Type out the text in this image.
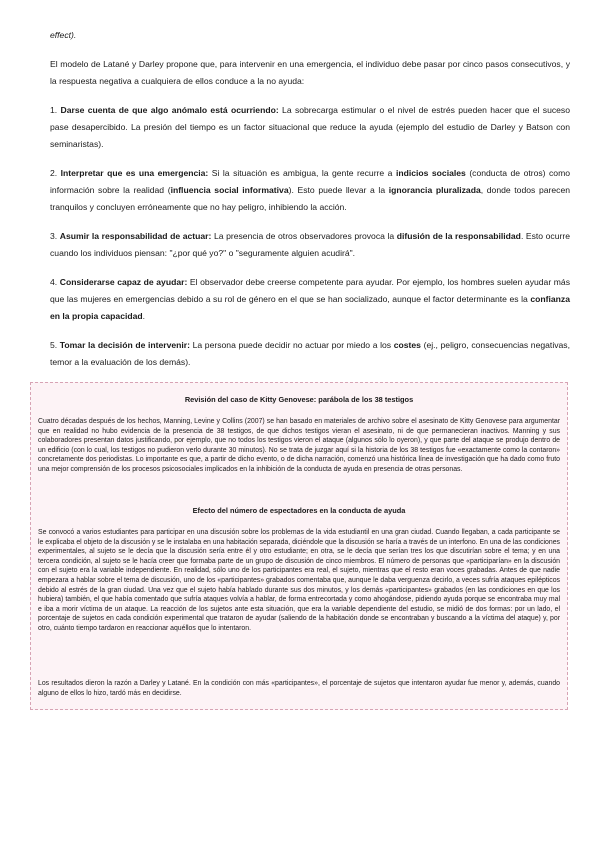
effect).

El modelo de Latané y Darley propone que, para intervenir en una emergencia, el individuo debe pasar por cinco pasos consecutivos, y la respuesta negativa a cualquiera de ellos conduce a la no ayuda:

1. Darse cuenta de que algo anómalo está ocurriendo: La sobrecarga estimular o el nivel de estrés pueden hacer que el suceso pase desapercibido. La presión del tiempo es un factor situacional que reduce la ayuda (ejemplo del estudio de Darley y Batson con seminaristas).

2. Interpretar que es una emergencia: Si la situación es ambigua, la gente recurre a indicios sociales (conducta de otros) como información sobre la realidad (influencia social informativa). Esto puede llevar a la ignorancia pluralizada, donde todos parecen tranquilos y concluyen erróneamente que no hay peligro, inhibiendo la acción.

3. Asumir la responsabilidad de actuar: La presencia de otros observadores provoca la difusión de la responsabilidad. Esto ocurre cuando los individuos piensan: "¿por qué yo?" o "seguramente alguien acudirá".

4. Considerarse capaz de ayudar: El observador debe creerse competente para ayudar. Por ejemplo, los hombres suelen ayudar más que las mujeres en emergencias debido a su rol de género en el que se han socializado, aunque el factor determinante es la confianza en la propia capacidad.

5. Tomar la decisión de intervenir: La persona puede decidir no actuar por miedo a los costes (ej., peligro, consecuencias negativas, temor a la evaluación de los demás).

Revisión del caso de Kitty Genovese: parábola de los 38 testigos

Cuatro décadas después de los hechos, Manning, Levine y Collins (2007) se han basado en materiales de archivo sobre el asesinato de Kitty Genovese para argumentar que en realidad no hubo evidencia de la presencia de 38 testigos, de que dichos testigos vieran el asesinato, ni de que permanecieran inactivos. Manning y sus colaboradores presentan datos justificando, por ejemplo, que no todos los testigos vieron el ataque (algunos sólo lo oyeron), y que parte del ataque se produjo dentro de un edificio (con lo cual, los testigos no pudieron verlo durante 30 minutos). No se trata de juzgar aquí si la historia de los 38 testigos fue «exactamente como la contaron» concretamente dos periodistas. Lo importante es que, a partir de dicho evento, o de dicha narración, comenzó una histórica línea de investigación que ha dado como fruto una mejor comprensión de los procesos psicosociales implicados en la inhibición de la conducta de ayuda en presencia de otras personas.

Efecto del número de espectadores en la conducta de ayuda

Se convocó a varios estudiantes para participar en una discusión sobre los problemas de la vida estudiantil en una gran ciudad. Cuando llegaban, a cada participante se le explicaba el objeto de la discusión y se le instalaba en una habitación separada, diciéndole que la discusión se haría a través de un interfono. En una de las condiciones experimentales, al sujeto se le decía que la discusión sería entre él y otro estudiante; en otra, se le decía que serían tres los que discutirían sobre el tema; y en una tercera condición, al sujeto se le hacía creer que formaba parte de un grupo de discusión de cinco miembros. El número de personas que «participarían» en la discusión con el sujeto era la variable independiente. En realidad, sólo uno de los participantes era real, el sujeto, mientras que el resto eran voces grabadas. Antes de que nadie empezara a hablar sobre el tema de discusión, uno de los «participantes» grabados comentaba que, aunque le daba verguenza decirlo, a veces sufría ataques epilépticos debido al estrés de la gran ciudad. Una vez que el sujeto había hablado durante sus dos minutos, y los demás «participantes» grabados (en las condiciones en que los hubiera) también, el que había comentado que sufría ataques volvía a hablar, de forma entrecortada y como ahogándose, pidiendo ayuda porque se encontraba muy mal e iba a morir víctima de un ataque. La reacción de los sujetos ante esta situación, que era la variable dependiente del estudio, se midió de dos formas: por un lado, el porcentaje de sujetos en cada condición experimental que trataron de ayudar (saliendo de la habitación donde se encontraban y buscando a la víctima del ataque) y, por otro, cuánto tiempo tardaron en reaccionar aquéllos que lo intentaron.

Los resultados dieron la razón a Darley y Latané. En la condición con más «participantes», el porcentaje de sujetos que intentaron ayudar fue menor y, además, cuando alguno de ellos lo hizo, tardó más en decidirse.
